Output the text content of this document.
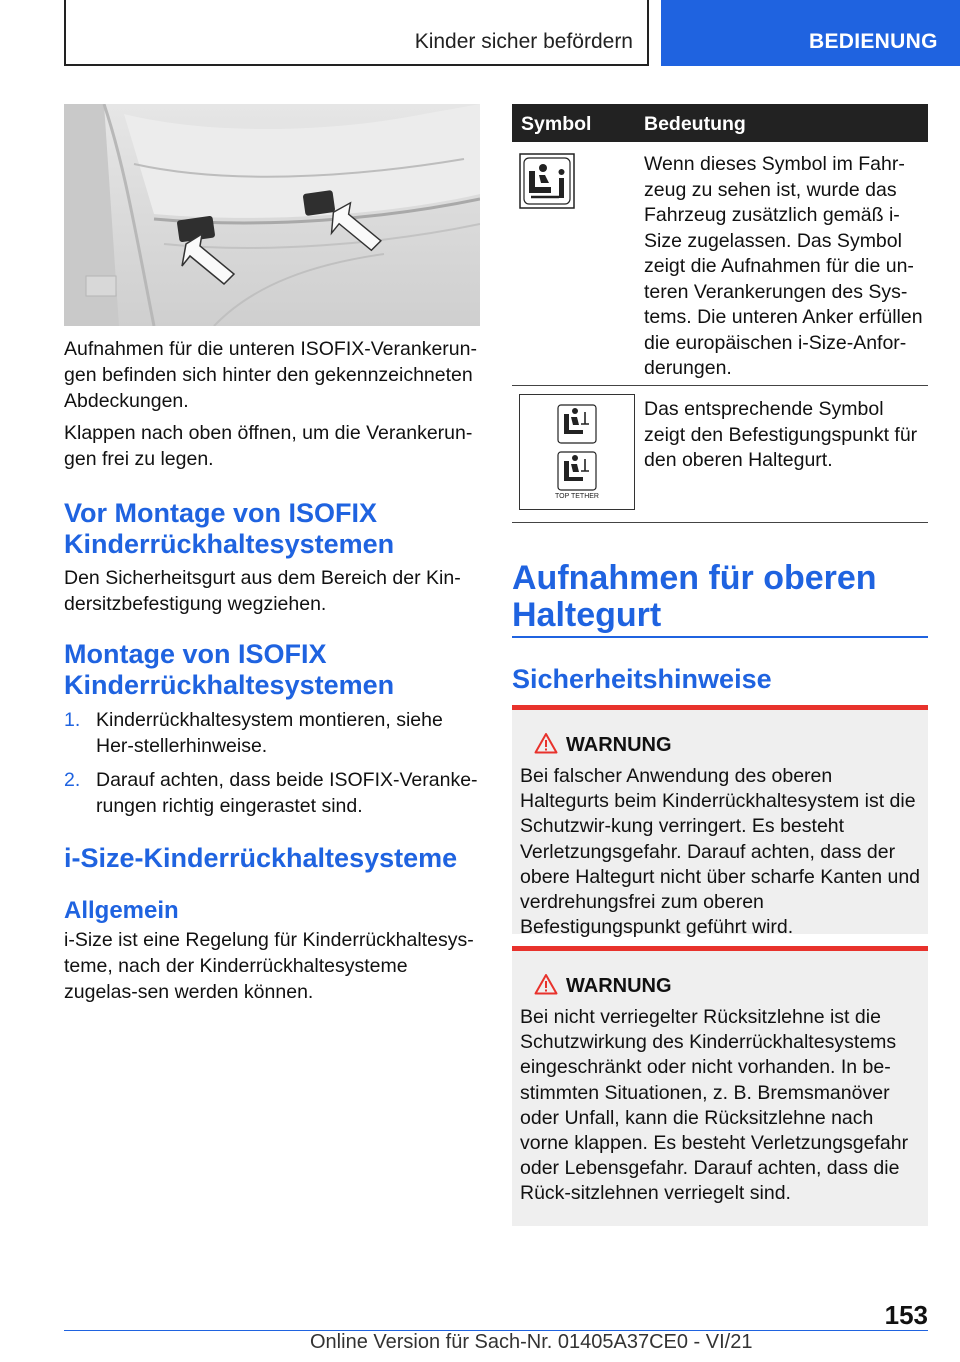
Kinder sicher befördern	BEDIENUNG

Aufnahmen für die unteren ISOFIX-Verankerun-gen befinden sich hinter den gekennzeichneten Abdeckungen.

Klappen nach oben öffnen, um die Verankerun-gen frei zu legen.

Vor Montage von ISOFIX Kinderrückhaltesystemen

Den Sicherheitsgurt aus dem Bereich der Kin-dersitzbefestigung wegziehen.

Montage von ISOFIX Kinderrückhaltesystemen
1. Kinderrückhaltesystem montieren, siehe Her-stellerhinweise.
2. Darauf achten, dass beide ISOFIX-Veranke-rungen richtig eingerastet sind.
i-Size-Kinderrückhaltesysteme
Allgemein

i-Size ist eine Regelung für Kinderrückhaltesys-teme, nach der Kinderrückhaltesysteme zugelas-sen werden können.

Symbol	Bedeutung

Wenn dieses Symbol im Fahr-zeug zu sehen ist, wurde das Fahrzeug zusätzlich gemäß i-Size zugelassen. Das Symbol zeigt die Aufnahmen für die un-teren Verankerungen des Sys-tems. Die unteren Anker erfüllen die europäischen i-Size-Anfor-derungen.

TOP TETHER

Das entsprechende Symbol zeigt den Befestigungspunkt für den oberen Haltegurt.

Aufnahmen für oberen Haltegurt
Sicherheitshinweise
WARNUNG

Bei falscher Anwendung des oberen Haltegurts beim Kinderrückhaltesystem ist die Schutzwir-kung verringert. Es besteht Verletzungsgefahr. Darauf achten, dass der obere Haltegurt nicht über scharfe Kanten und verdrehungsfrei zum oberen Befestigungspunkt geführt wird.

WARNUNG

Bei nicht verriegelter Rücksitzlehne ist die Schutzwirkung des Kinderrückhaltesystems eingeschränkt oder nicht vorhanden. In be-stimmten Situationen, z. B. Bremsmanöver oder Unfall, kann die Rücksitzlehne nach vorne klappen. Es besteht Verletzungsgefahr oder Lebensgefahr. Darauf achten, dass die Rück-sitzlehnen verriegelt sind.

153
Online Version für Sach-Nr. 01405A37CE0 - VI/21
